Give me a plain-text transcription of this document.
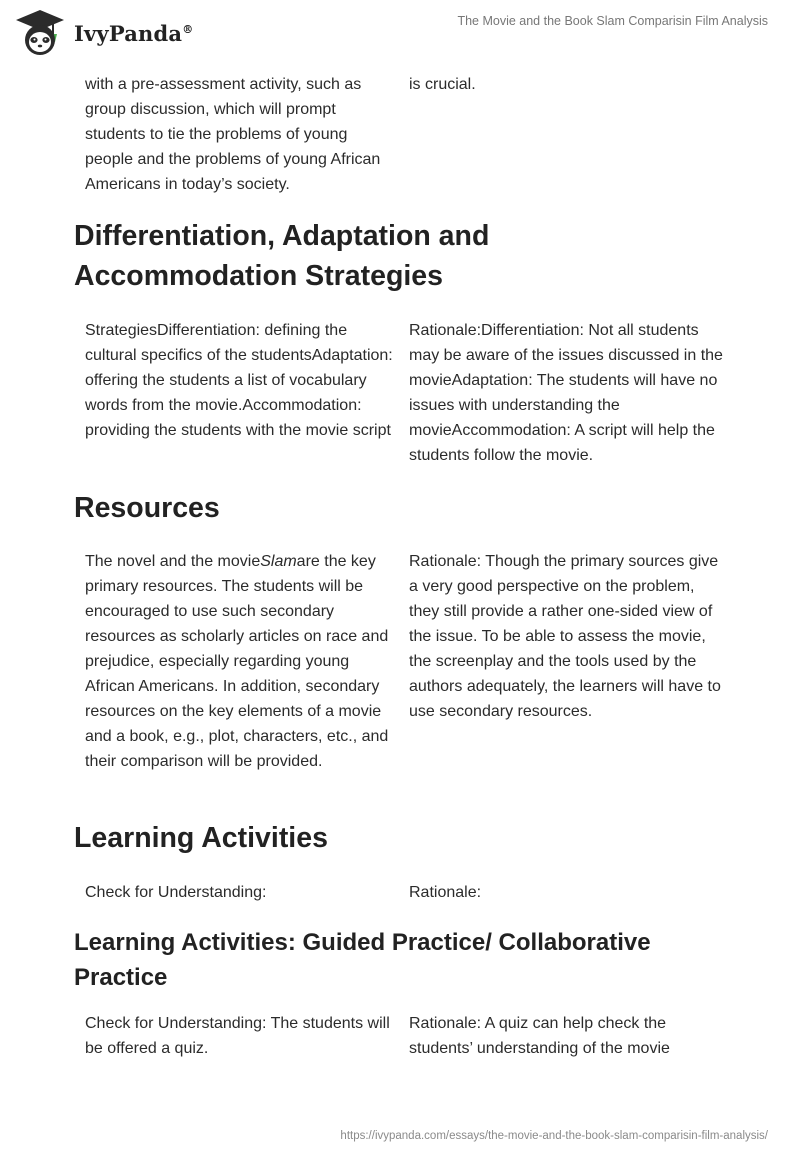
IvyPanda®
The Movie and the Book Slam Comparisin Film Analysis
with a pre-assessment activity, such as group discussion, which will prompt students to tie the problems of young people and the problems of young African Americans in today’s society.
is crucial.
Differentiation, Adaptation and Accommodation Strategies
StrategiesDifferentiation: defining the cultural specifics of the studentsAdaptation: offering the students a list of vocabulary words from the movie.Accommodation: providing the students with the movie script
Rationale:Differentiation: Not all students may be aware of the issues discussed in the movieAdaptation: The students will have no issues with understanding the movieAccommodation: A script will help the students follow the movie.
Resources
The novel and the movieSlamare the key primary resources. The students will be encouraged to use such secondary resources as scholarly articles on race and prejudice, especially regarding young African Americans. In addition, secondary resources on the key elements of a movie and a book, e.g., plot, characters, etc., and their comparison will be provided.
Rationale: Though the primary sources give a very good perspective on the problem, they still provide a rather one-sided view of the issue. To be able to assess the movie, the screenplay and the tools used by the authors adequately, the learners will have to use secondary resources.
Learning Activities
Check for Understanding:	Rationale:
Learning Activities: Guided Practice/ Collaborative Practice
Check for Understanding: The students will be offered a quiz.
Rationale: A quiz can help check the students’ understanding of the movie
https://ivypanda.com/essays/the-movie-and-the-book-slam-comparisin-film-analysis/
